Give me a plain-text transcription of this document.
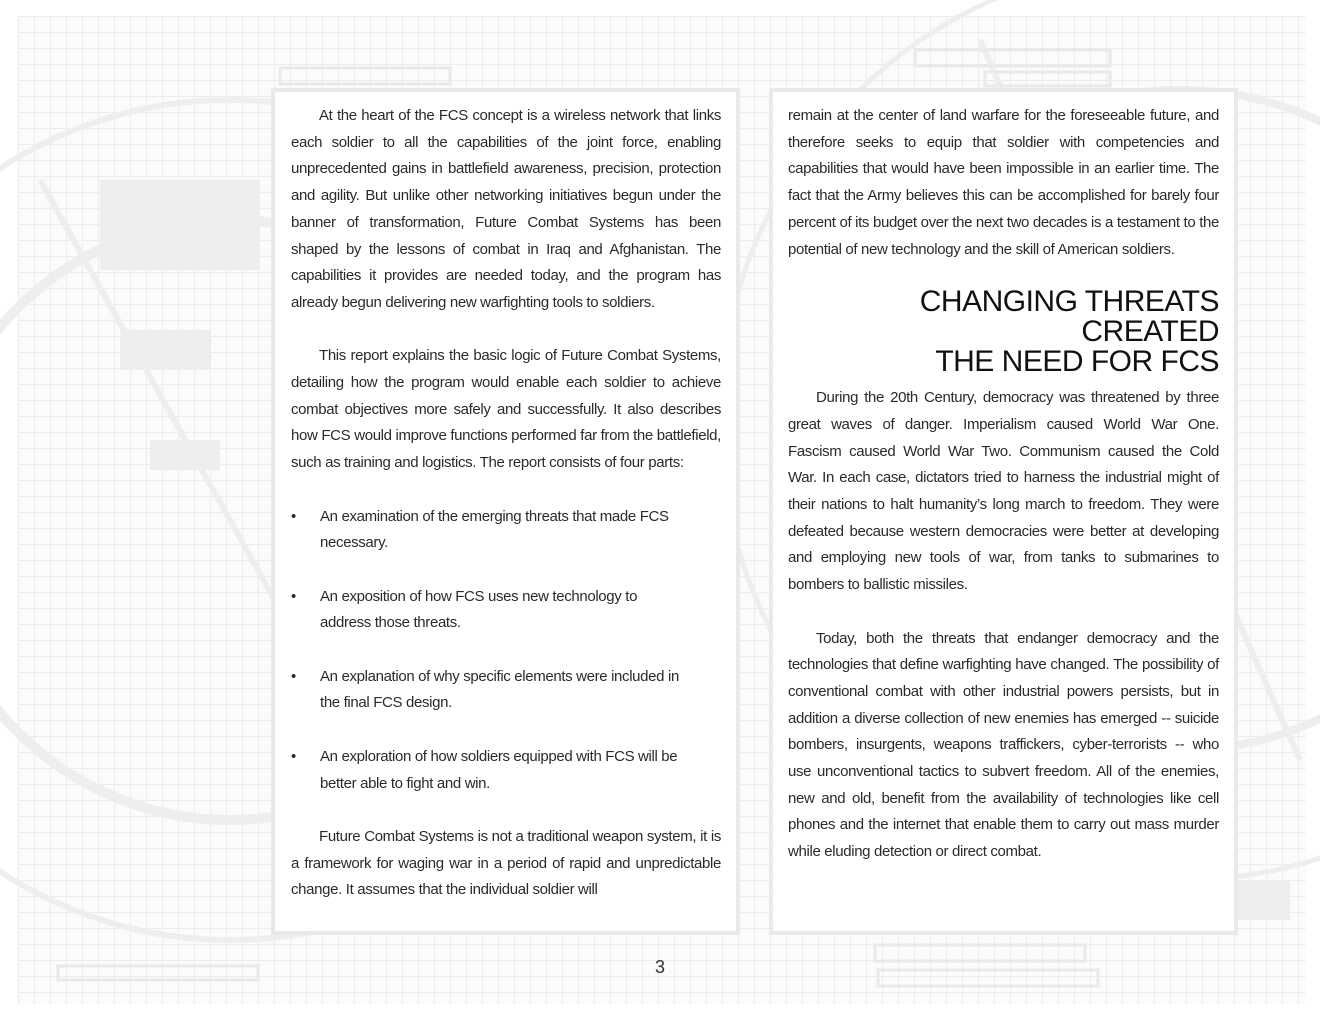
At the heart of the FCS concept is a wireless network that links each soldier to all the capabilities of the joint force, enabling unprecedented gains in battlefield awareness, precision, protection and agility. But unlike other networking initiatives begun under the banner of transformation, Future Combat Systems has been shaped by the lessons of combat in Iraq and Afghanistan. The capabilities it provides are needed today, and the program has already begun delivering new warfighting tools to soldiers.

This report explains the basic logic of Future Combat Systems, detailing how the program would enable each soldier to achieve combat objectives more safely and successfully. It also describes how FCS would improve functions performed far from the battlefield, such as training and logistics. The report consists of four parts:

• An examination of the emerging threats that made FCS necessary.
• An exposition of how FCS uses new technology to address those threats.
• An explanation of why specific elements were included in the final FCS design.
• An exploration of how soldiers equipped with FCS will be better able to fight and win.

Future Combat Systems is not a traditional weapon system, it is a framework for waging war in a period of rapid and unpredictable change. It assumes that the individual soldier will

remain at the center of land warfare for the foreseeable future, and therefore seeks to equip that soldier with competencies and capabilities that would have been impossible in an earlier time. The fact that the Army believes this can be accomplished for barely four percent of its budget over the next two decades is a testament to the potential of new technology and the skill of American soldiers.

CHANGING THREATS CREATED
THE NEED FOR FCS

During the 20th Century, democracy was threatened by three great waves of danger. Imperialism caused World War One. Fascism caused World War Two. Communism caused the Cold War. In each case, dictators tried to harness the industrial might of their nations to halt humanity’s long march to freedom. They were defeated because western democracies were better at developing and employing new tools of war, from tanks to submarines to bombers to ballistic missiles.

Today, both the threats that endanger democracy and the technologies that define warfighting have changed. The possibility of conventional combat with other industrial powers persists, but in addition a diverse collection of new enemies has emerged -- suicide bombers, insurgents, weapons traffickers, cyber-terrorists -- who use unconventional tactics to subvert freedom. All of the enemies, new and old, benefit from the availability of technologies like cell phones and the internet that enable them to carry out mass murder while eluding detection or direct combat.

3
